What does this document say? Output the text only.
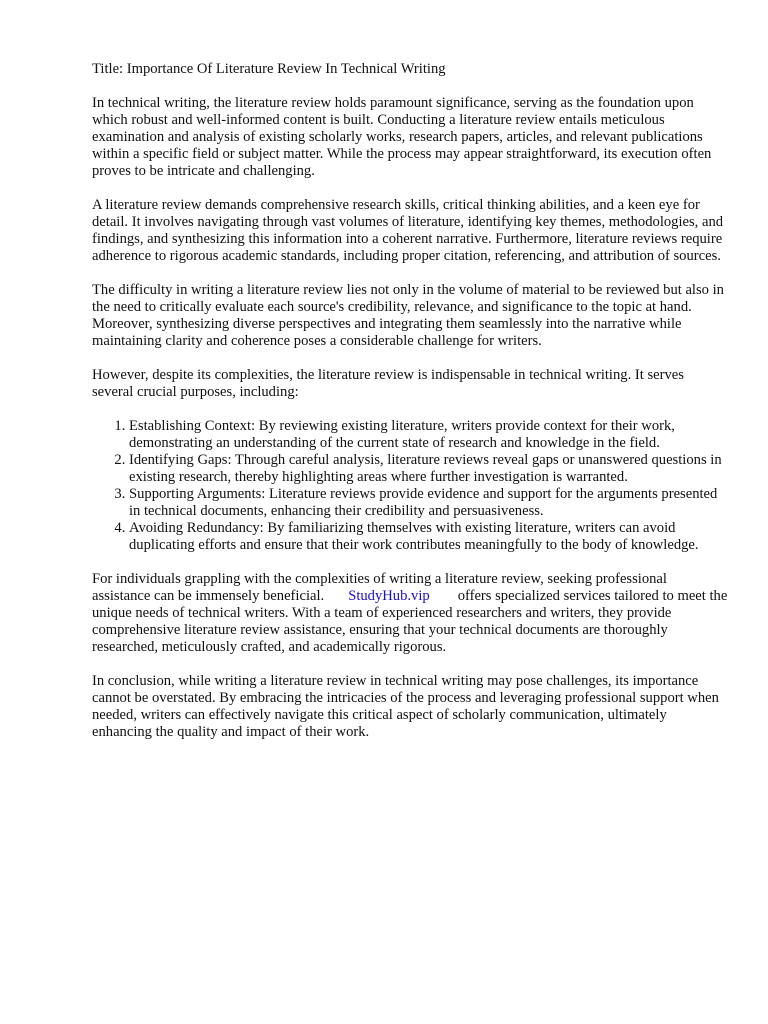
Title: Importance Of Literature Review In Technical Writing

In technical writing, the literature review holds paramount significance, serving as the foundation upon which robust and well-informed content is built. Conducting a literature review entails meticulous examination and analysis of existing scholarly works, research papers, articles, and relevant publications within a specific field or subject matter. While the process may appear straightforward, its execution often proves to be intricate and challenging.

A literature review demands comprehensive research skills, critical thinking abilities, and a keen eye for detail. It involves navigating through vast volumes of literature, identifying key themes, methodologies, and findings, and synthesizing this information into a coherent narrative. Furthermore, literature reviews require adherence to rigorous academic standards, including proper citation, referencing, and attribution of sources.

The difficulty in writing a literature review lies not only in the volume of material to be reviewed but also in the need to critically evaluate each source's credibility, relevance, and significance to the topic at hand. Moreover, synthesizing diverse perspectives and integrating them seamlessly into the narrative while maintaining clarity and coherence poses a considerable challenge for writers.

However, despite its complexities, the literature review is indispensable in technical writing. It serves several crucial purposes, including:

1. Establishing Context: By reviewing existing literature, writers provide context for their work, demonstrating an understanding of the current state of research and knowledge in the field.
2. Identifying Gaps: Through careful analysis, literature reviews reveal gaps or unanswered questions in existing research, thereby highlighting areas where further investigation is warranted.
3. Supporting Arguments: Literature reviews provide evidence and support for the arguments presented in technical documents, enhancing their credibility and persuasiveness.
4. Avoiding Redundancy: By familiarizing themselves with existing literature, writers can avoid duplicating efforts and ensure that their work contributes meaningfully to the body of knowledge.

For individuals grappling with the complexities of writing a literature review, seeking professional assistance can be immensely beneficial. StudyHub.vip offers specialized services tailored to meet the unique needs of technical writers. With a team of experienced researchers and writers, they provide comprehensive literature review assistance, ensuring that your technical documents are thoroughly researched, meticulously crafted, and academically rigorous.

In conclusion, while writing a literature review in technical writing may pose challenges, its importance cannot be overstated. By embracing the intricacies of the process and leveraging professional support when needed, writers can effectively navigate this critical aspect of scholarly communication, ultimately enhancing the quality and impact of their work.
